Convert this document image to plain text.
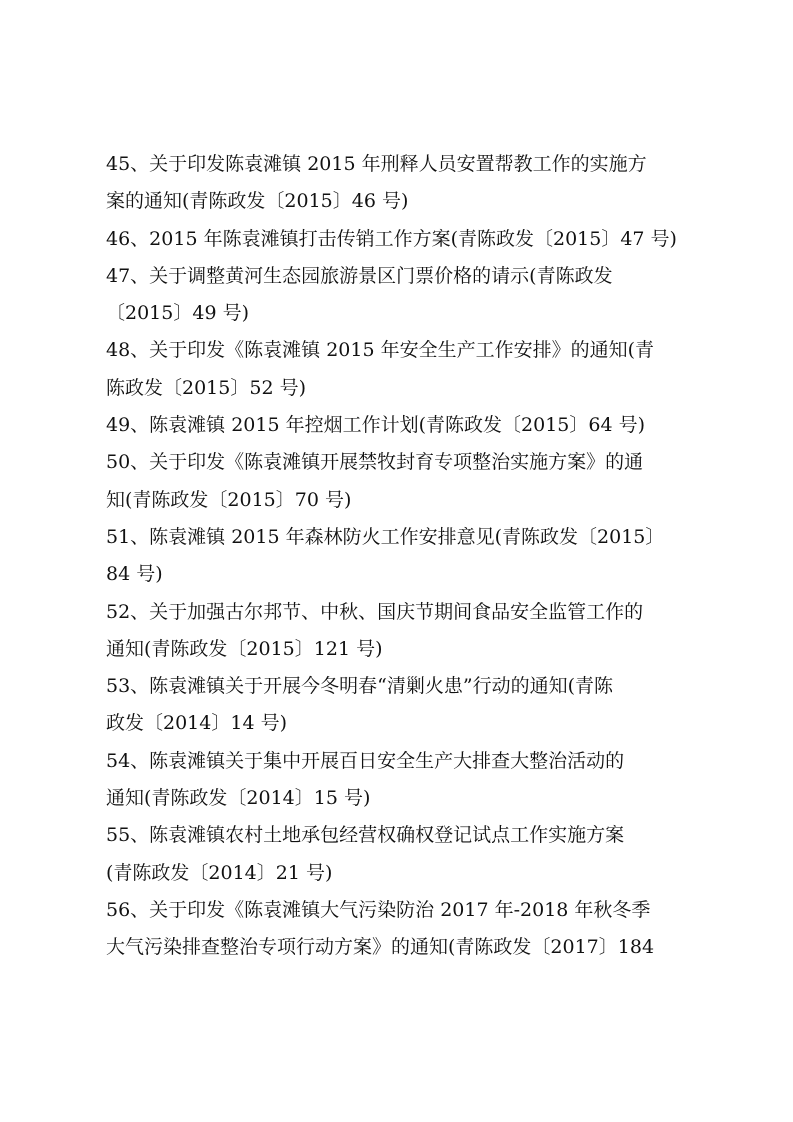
45、关于印发陈袁滩镇 2015 年刑释人员安置帮教工作的实施方
案的通知(青陈政发〔2015〕46 号)
46、2015 年陈袁滩镇打击传销工作方案(青陈政发〔2015〕47 号)
47、关于调整黄河生态园旅游景区门票价格的请示(青陈政发
〔2015〕49 号)
48、关于印发《陈袁滩镇 2015 年安全生产工作安排》的通知(青
陈政发〔2015〕52 号)
49、陈袁滩镇 2015 年控烟工作计划(青陈政发〔2015〕64 号)
50、关于印发《陈袁滩镇开展禁牧封育专项整治实施方案》的通
知(青陈政发〔2015〕70 号)
51、陈袁滩镇 2015 年森林防火工作安排意见(青陈政发〔2015〕
84 号)
52、关于加强古尔邦节、中秋、国庆节期间食品安全监管工作的
通知(青陈政发〔2015〕121 号)
53、陈袁滩镇关于开展今冬明春“清剿火患”行动的通知(青陈
政发〔2014〕14 号)
54、陈袁滩镇关于集中开展百日安全生产大排查大整治活动的
通知(青陈政发〔2014〕15 号)
55、陈袁滩镇农村土地承包经营权确权登记试点工作实施方案
(青陈政发〔2014〕21 号)
56、关于印发《陈袁滩镇大气污染防治 2017 年-2018 年秋冬季
大气污染排查整治专项行动方案》的通知(青陈政发〔2017〕184
